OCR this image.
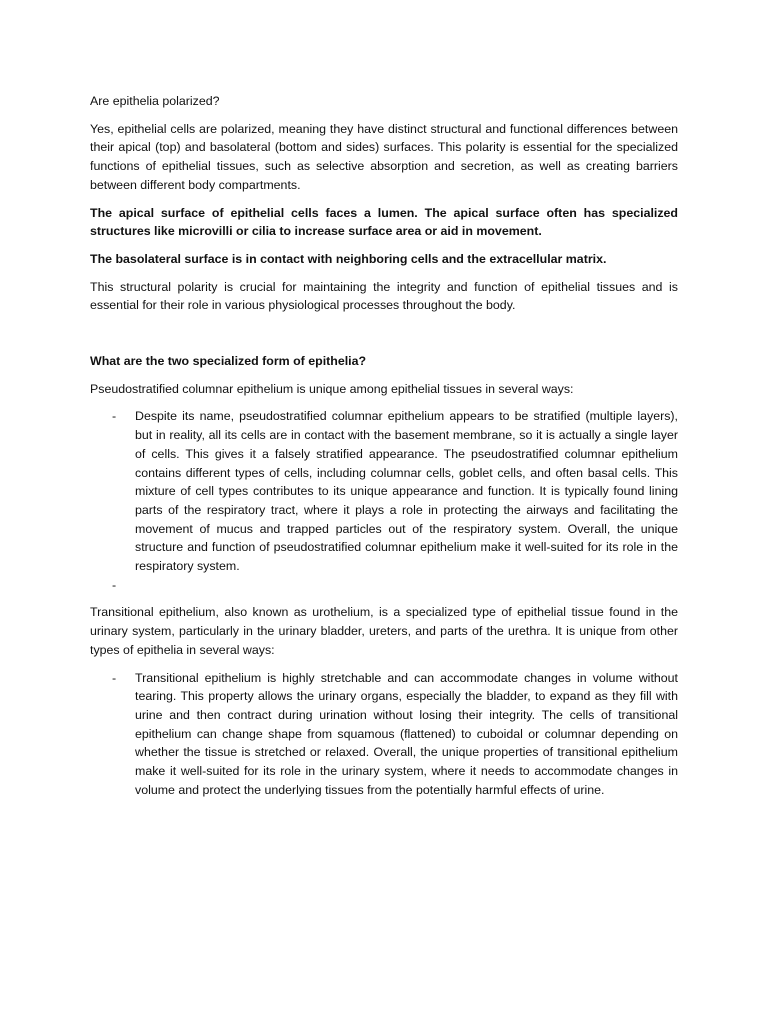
Are epithelia polarized?

Yes, epithelial cells are polarized, meaning they have distinct structural and functional differences between their apical (top) and basolateral (bottom and sides) surfaces. This polarity is essential for the specialized functions of epithelial tissues, such as selective absorption and secretion, as well as creating barriers between different body compartments.

The apical surface of epithelial cells faces a lumen. The apical surface often has specialized structures like microvilli or cilia to increase surface area or aid in movement.

The basolateral surface is in contact with neighboring cells and the extracellular matrix.

This structural polarity is crucial for maintaining the integrity and function of epithelial tissues and is essential for their role in various physiological processes throughout the body.

What are the two specialized form of epithelia?

Pseudostratified columnar epithelium is unique among epithelial tissues in several ways:

- Despite its name, pseudostratified columnar epithelium appears to be stratified (multiple layers), but in reality, all its cells are in contact with the basement membrane, so it is actually a single layer of cells. This gives it a falsely stratified appearance. The pseudostratified columnar epithelium contains different types of cells, including columnar cells, goblet cells, and often basal cells. This mixture of cell types contributes to its unique appearance and function. It is typically found lining parts of the respiratory tract, where it plays a role in protecting the airways and facilitating the movement of mucus and trapped particles out of the respiratory system. Overall, the unique structure and function of pseudostratified columnar epithelium make it well-suited for its role in the respiratory system.
-

Transitional epithelium, also known as urothelium, is a specialized type of epithelial tissue found in the urinary system, particularly in the urinary bladder, ureters, and parts of the urethra. It is unique from other types of epithelia in several ways:

- Transitional epithelium is highly stretchable and can accommodate changes in volume without tearing. This property allows the urinary organs, especially the bladder, to expand as they fill with urine and then contract during urination without losing their integrity. The cells of transitional epithelium can change shape from squamous (flattened) to cuboidal or columnar depending on whether the tissue is stretched or relaxed. Overall, the unique properties of transitional epithelium make it well-suited for its role in the urinary system, where it needs to accommodate changes in volume and protect the underlying tissues from the potentially harmful effects of urine.
